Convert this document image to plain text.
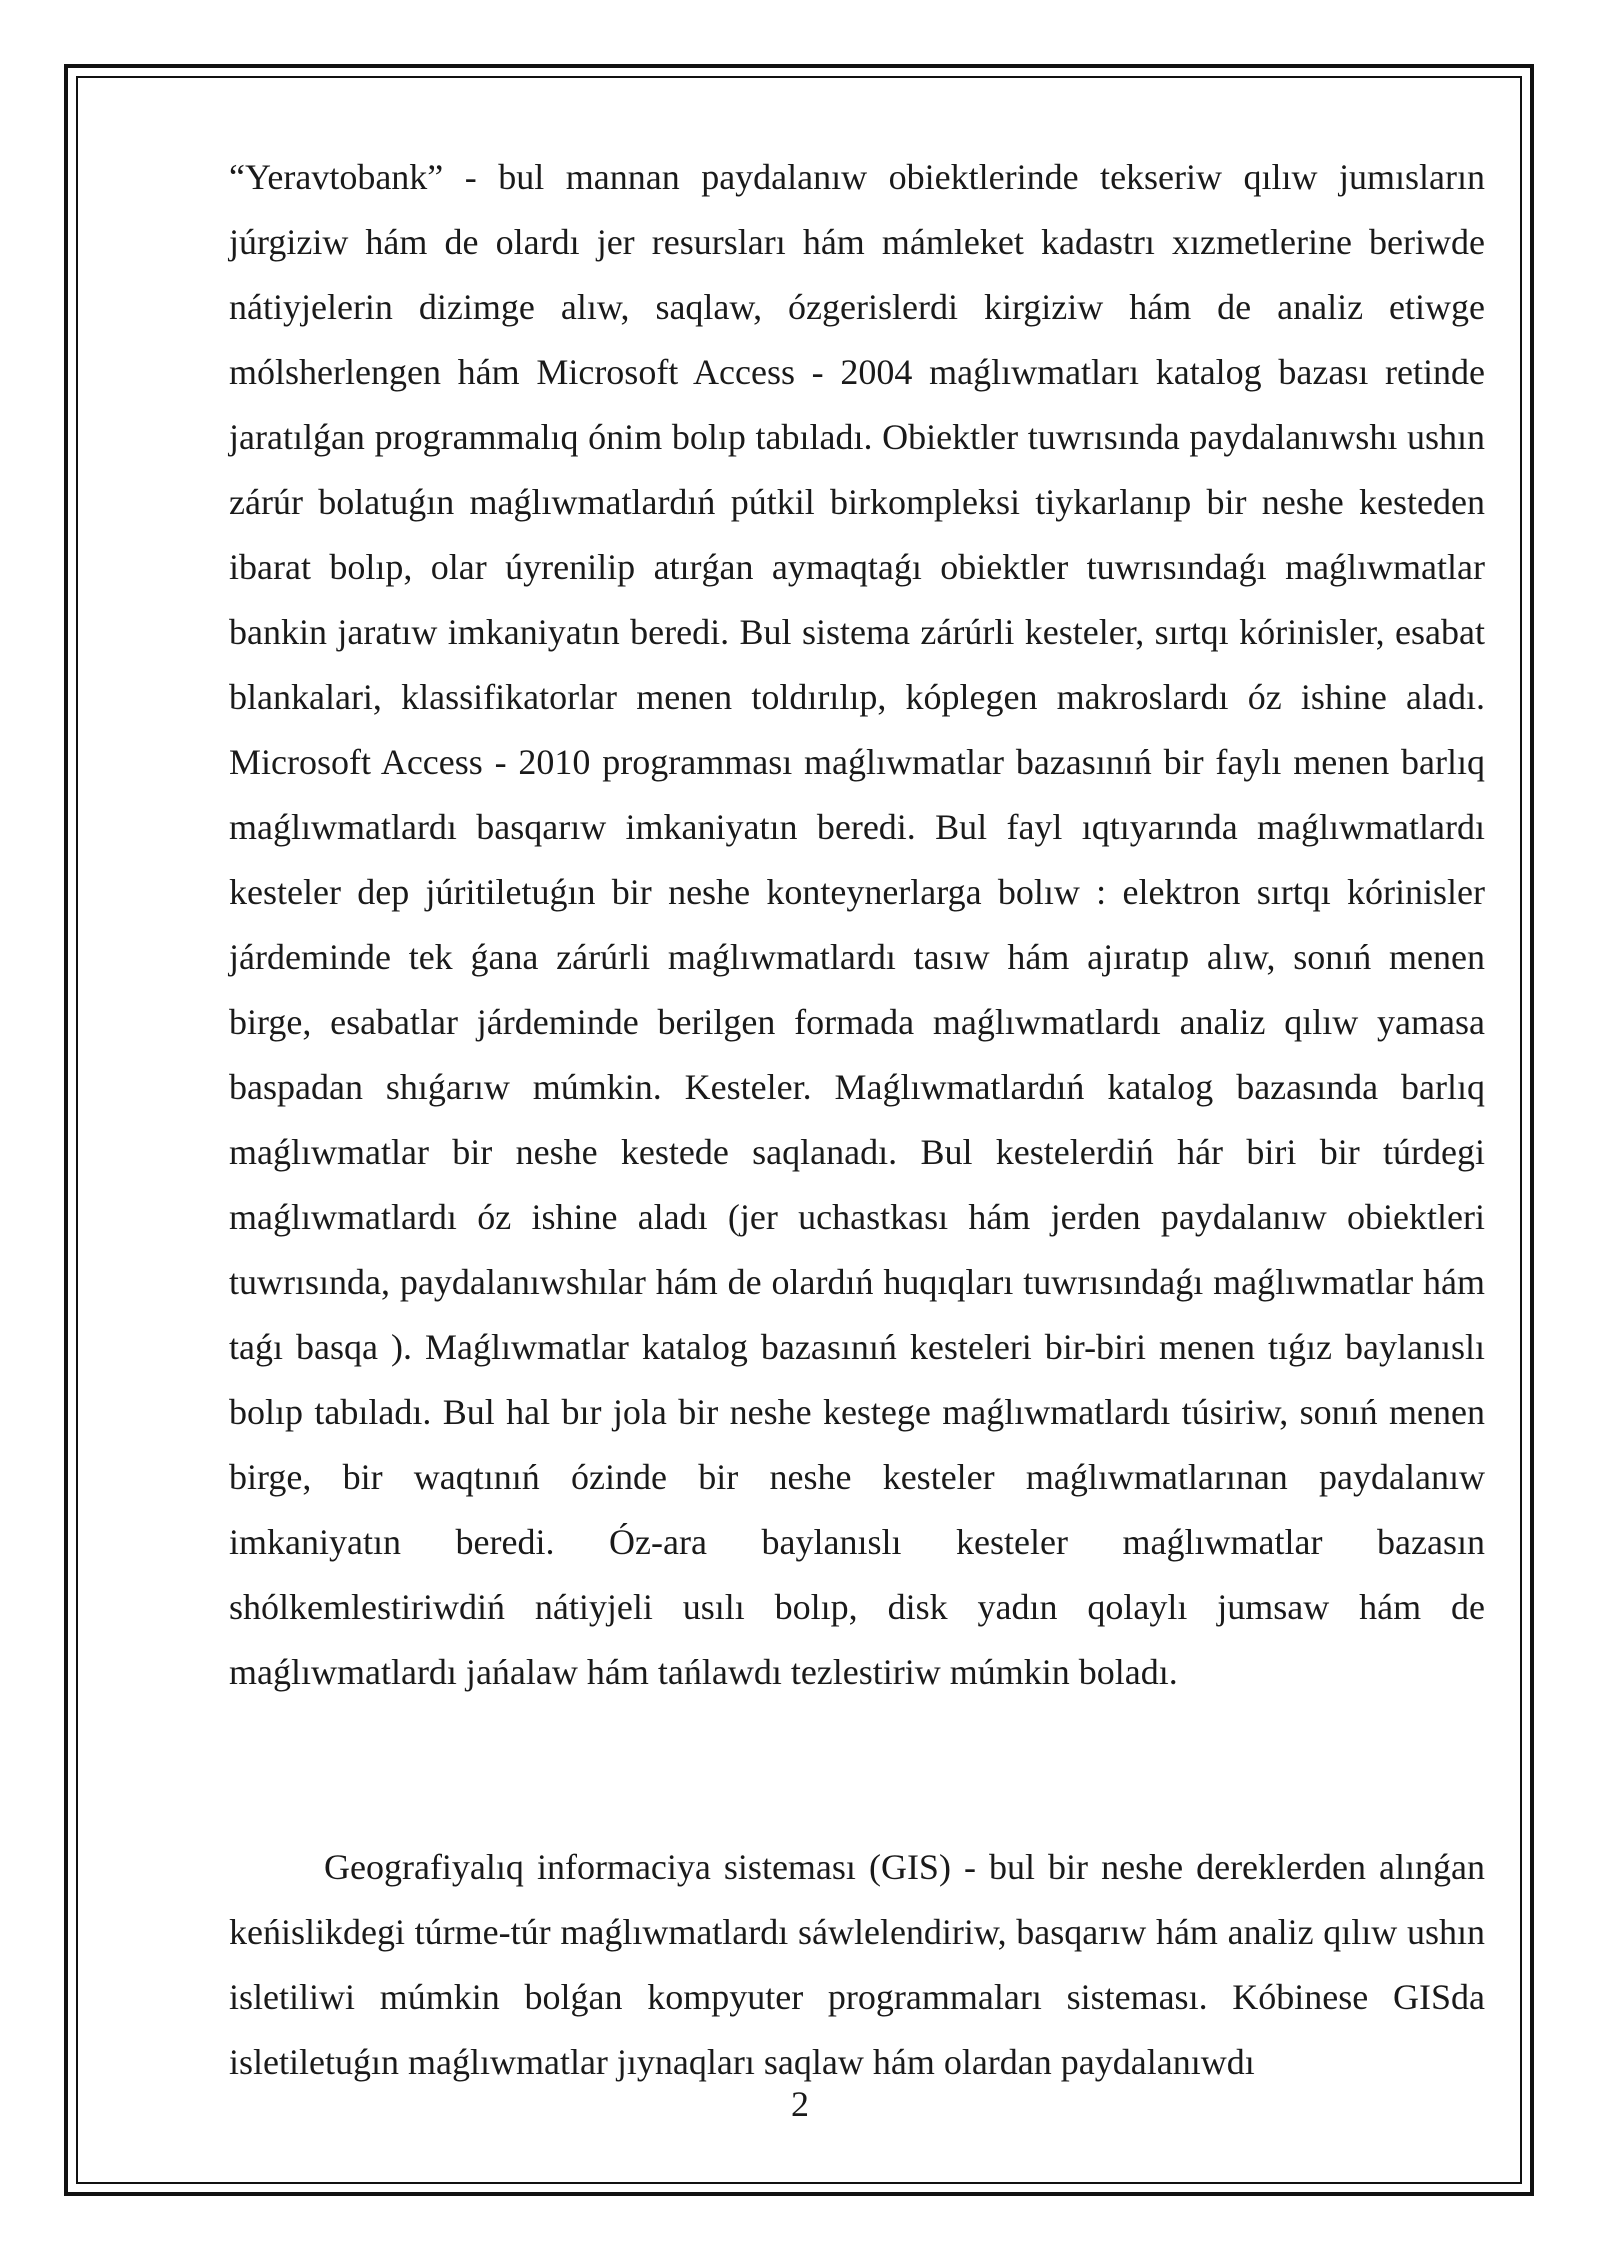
“Yeravtobank” - bul mannan paydalanıw obiektlerinde tekseriw qılıw jumısların júrgiziw hám de olardı jer resursları hám mámleket kadastrı xızmetlerine beriwde nátiyjelerin dizimge alıw, saqlaw, ózgerislerdi kirgiziw hám de analiz etiwge mólsherlengen hám Microsoft Access - 2004 maǵlıwmatları katalog bazası retinde jaratılǵan programmalıq ónim bolıp tabıladı. Obiektler tuwrısında paydalanıwshı ushın zárúr bolatuǵın maǵlıwmatlardıń pútkil birkompleksi tiykarlanıp bir neshe kesteden ibarat bolıp, olar úyrenilip atırǵan aymaqtaǵı obiektler tuwrısındaǵı maǵlıwmatlar bankin jaratıw imkaniyatın beredi. Bul sistema zárúrli kesteler, sırtqı kórinisler, esabat blankalari, klassifikatorlar menen toldırılıp, kóplegen makroslardı óz ishine aladı. Microsoft Access - 2010 programması maǵlıwmatlar bazasınıń bir faylı menen barlıq maǵlıwmatlardı basqarıw imkaniyatın beredi. Bul fayl ıqtıyarında maǵlıwmatlardı kesteler dep júritiletuǵın bir neshe konteynerlarga bolıw : elektron sırtqı kórinisler járdeminde tek ǵana zárúrli maǵlıwmatlardı tasıw hám ajıratıp alıw, sonıń menen birge, esabatlar járdeminde berilgen formada maǵlıwmatlardı analiz qılıw yamasa baspadan shıǵarıw múmkin. Kesteler. Maǵlıwmatlardıń katalog bazasında barlıq maǵlıwmatlar bir neshe kestede saqlanadı. Bul kestelerdiń hár biri bir túrdegi maǵlıwmatlardı óz ishine aladı (jer uchastkası hám jerden paydalanıw obiektleri tuwrısında, paydalanıwshılar hám de olardıń huqıqları tuwrısındaǵı maǵlıwmatlar hám taǵı basqa ). Maǵlıwmatlar katalog bazasınıń kesteleri bir-biri menen tıǵız baylanıslı bolıp tabıladı. Bul hal bır jola bir neshe kestege maǵlıwmatlardı túsiriw, sonıń menen birge, bir waqtınıń ózinde bir neshe kesteler maǵlıwmatlarınan paydalanıw imkaniyatın beredi. Óz-ara baylanıslı kesteler maǵlıwmatlar bazasın shólkemlestiriwdiń nátiyjeli usılı bolıp, disk yadın qolaylı jumsaw hám de maǵlıwmatlardı jańalaw hám tańlawdı tezlestiriw múmkin boladı.

Geografiyalıq informaciya sisteması (GIS) - bul bir neshe dereklerden alınǵan keńislikdegi túrme-túr maǵlıwmatlardı sáwlelendiriw, basqarıw hám analiz qılıw ushın isletiliwi múmkin bolǵan kompyuter programmaları sisteması. Kóbinese GISda isletiletuǵın maǵlıwmatlar jıynaqları saqlaw hám olardan paydalanıwdı

2
